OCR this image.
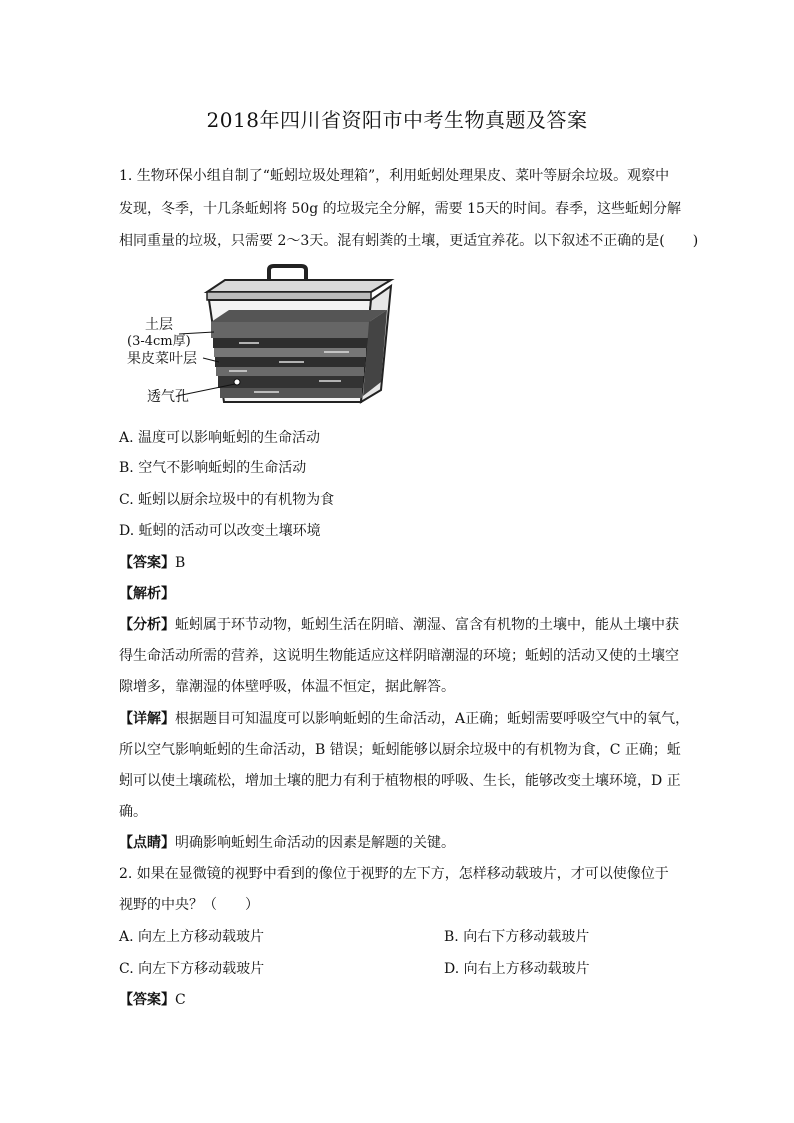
2018年四川省资阳市中考生物真题及答案
1. 生物环保小组自制了“蚯蚓垃圾处理箱”，利用蚯蚓处理果皮、菜叶等厨余垃圾。观察中
发现，冬季，十几条蚯蚓将 50g 的垃圾完全分解，需要 15天的时间。春季，这些蚯蚓分解
相同重量的垃圾，只需要 2～3天。混有蚓粪的土壤，更适宜养花。以下叙述不正确的是(　　)
土层
(3-4cm厚)
果皮菜叶层
透气孔
A. 温度可以影响蚯蚓的生命活动
B. 空气不影响蚯蚓的生命活动
C. 蚯蚓以厨余垃圾中的有机物为食
D. 蚯蚓的活动可以改变土壤环境
【答案】B
【解析】
【分析】蚯蚓属于环节动物，蚯蚓生活在阴暗、潮湿、富含有机物的土壤中，能从土壤中获
得生命活动所需的营养，这说明生物能适应这样阴暗潮湿的环境；蚯蚓的活动又使的土壤空
隙增多，靠潮湿的体壁呼吸，体温不恒定，据此解答。
【详解】根据题目可知温度可以影响蚯蚓的生命活动，A正确；蚯蚓需要呼吸空气中的氧气，
所以空气影响蚯蚓的生命活动，B 错误；蚯蚓能够以厨余垃圾中的有机物为食，C 正确；蚯
蚓可以使土壤疏松，增加土壤的肥力有利于植物根的呼吸、生长，能够改变土壤环境，D 正
确。
【点睛】明确影响蚯蚓生命活动的因素是解题的关键。
2. 如果在显微镜的视野中看到的像位于视野的左下方，怎样移动载玻片，才可以使像位于
视野的中央？（　　）
A. 向左上方移动载玻片	B. 向右下方移动载玻片
C. 向左下方移动载玻片	D. 向右上方移动载玻片
【答案】C
